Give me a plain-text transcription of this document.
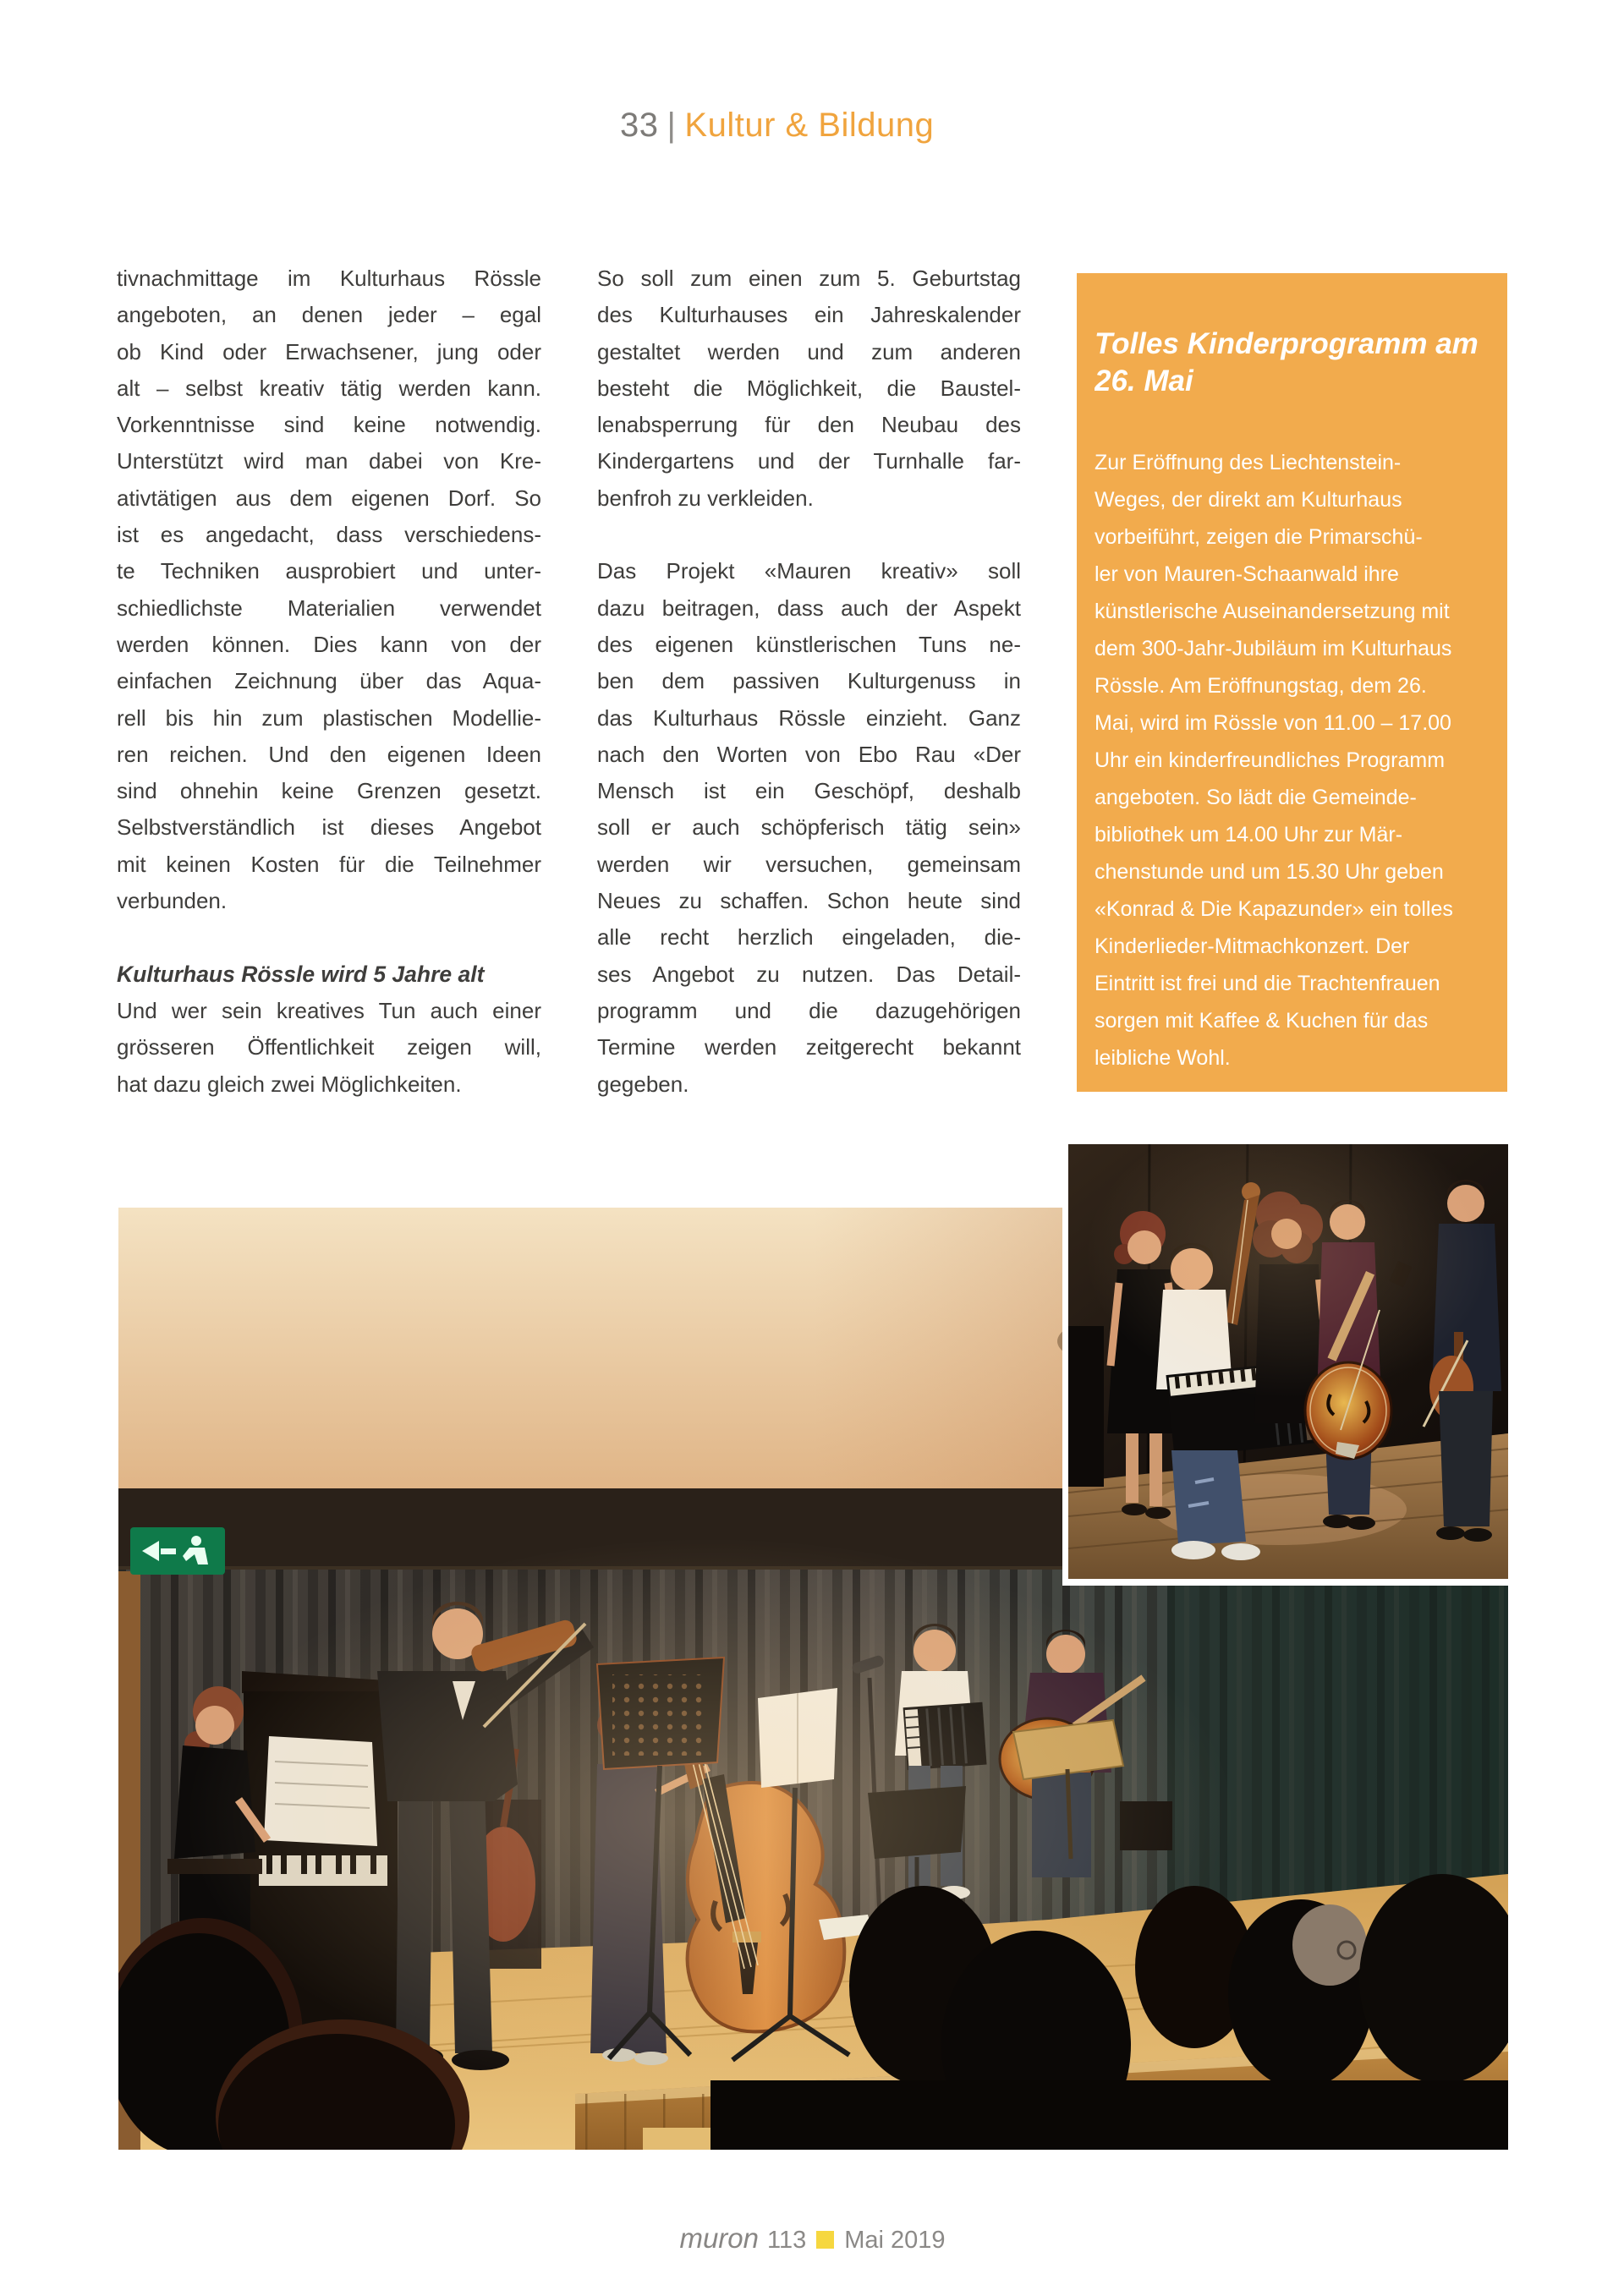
33 | Kultur & Bildung
tivnachmittage im Kulturhaus Rössle
angeboten, an denen jeder – egal
ob Kind oder Erwachsener, jung oder
alt – selbst kreativ tätig werden kann.
Vorkenntnisse sind keine notwendig.
Unterstützt wird man dabei von Kre-
ativtätigen aus dem eigenen Dorf. So
ist es angedacht, dass verschiedens-
te Techniken ausprobiert und unter-
schiedlichste Materialien verwendet
werden können. Dies kann von der
einfachen Zeichnung über das Aqua-
rell bis hin zum plastischen Modellie-
ren reichen. Und den eigenen Ideen
sind ohnehin keine Grenzen gesetzt.
Selbstverständlich ist dieses Angebot
mit keinen Kosten für die Teilnehmer
verbunden.
Kulturhaus Rössle wird 5 Jahre alt
Und wer sein kreatives Tun auch einer
grösseren Öffentlichkeit zeigen will,
hat dazu gleich zwei Möglichkeiten.
So soll zum einen zum 5. Geburtstag
des Kulturhauses ein Jahreskalender
gestaltet werden und zum anderen
besteht die Möglichkeit, die Baustel-
lenabsperrung für den Neubau des
Kindergartens und der Turnhalle far-
benfroh zu verkleiden.
Das Projekt «Mauren kreativ» soll
dazu beitragen, dass auch der Aspekt
des eigenen künstlerischen Tuns ne-
ben dem passiven Kulturgenuss in
das Kulturhaus Rössle einzieht. Ganz
nach den Worten von Ebo Rau «Der
Mensch ist ein Geschöpf, deshalb
soll er auch schöpferisch tätig sein»
werden wir versuchen, gemeinsam
Neues zu schaffen. Schon heute sind
alle recht herzlich eingeladen, die-
ses Angebot zu nutzen. Das Detail-
programm und die dazugehörigen
Termine werden zeitgerecht bekannt
gegeben.
Tolles Kinderprogramm am
26. Mai
Zur Eröffnung des Liechtenstein-
Weges, der direkt am Kulturhaus
vorbeiführt, zeigen die Primarschü-
ler von Mauren-Schaanwald ihre
künstlerische Auseinandersetzung mit
dem 300-Jahr-Jubiläum im Kulturhaus
Rössle. Am Eröffnungstag, dem 26.
Mai, wird im Rössle von 11.00 – 17.00
Uhr ein kinderfreundliches Programm
angeboten. So lädt die Gemeinde-
bibliothek um 14.00 Uhr zur Mär-
chenstunde und um 15.30 Uhr geben
«Konrad & Die Kapazunder» ein tolles
Kinderlieder-Mitmachkonzert. Der
Eintritt ist frei und die Trachtenfrauen
sorgen mit Kaffee & Kuchen für das
leibliche Wohl.
muron 113 Mai 2019
